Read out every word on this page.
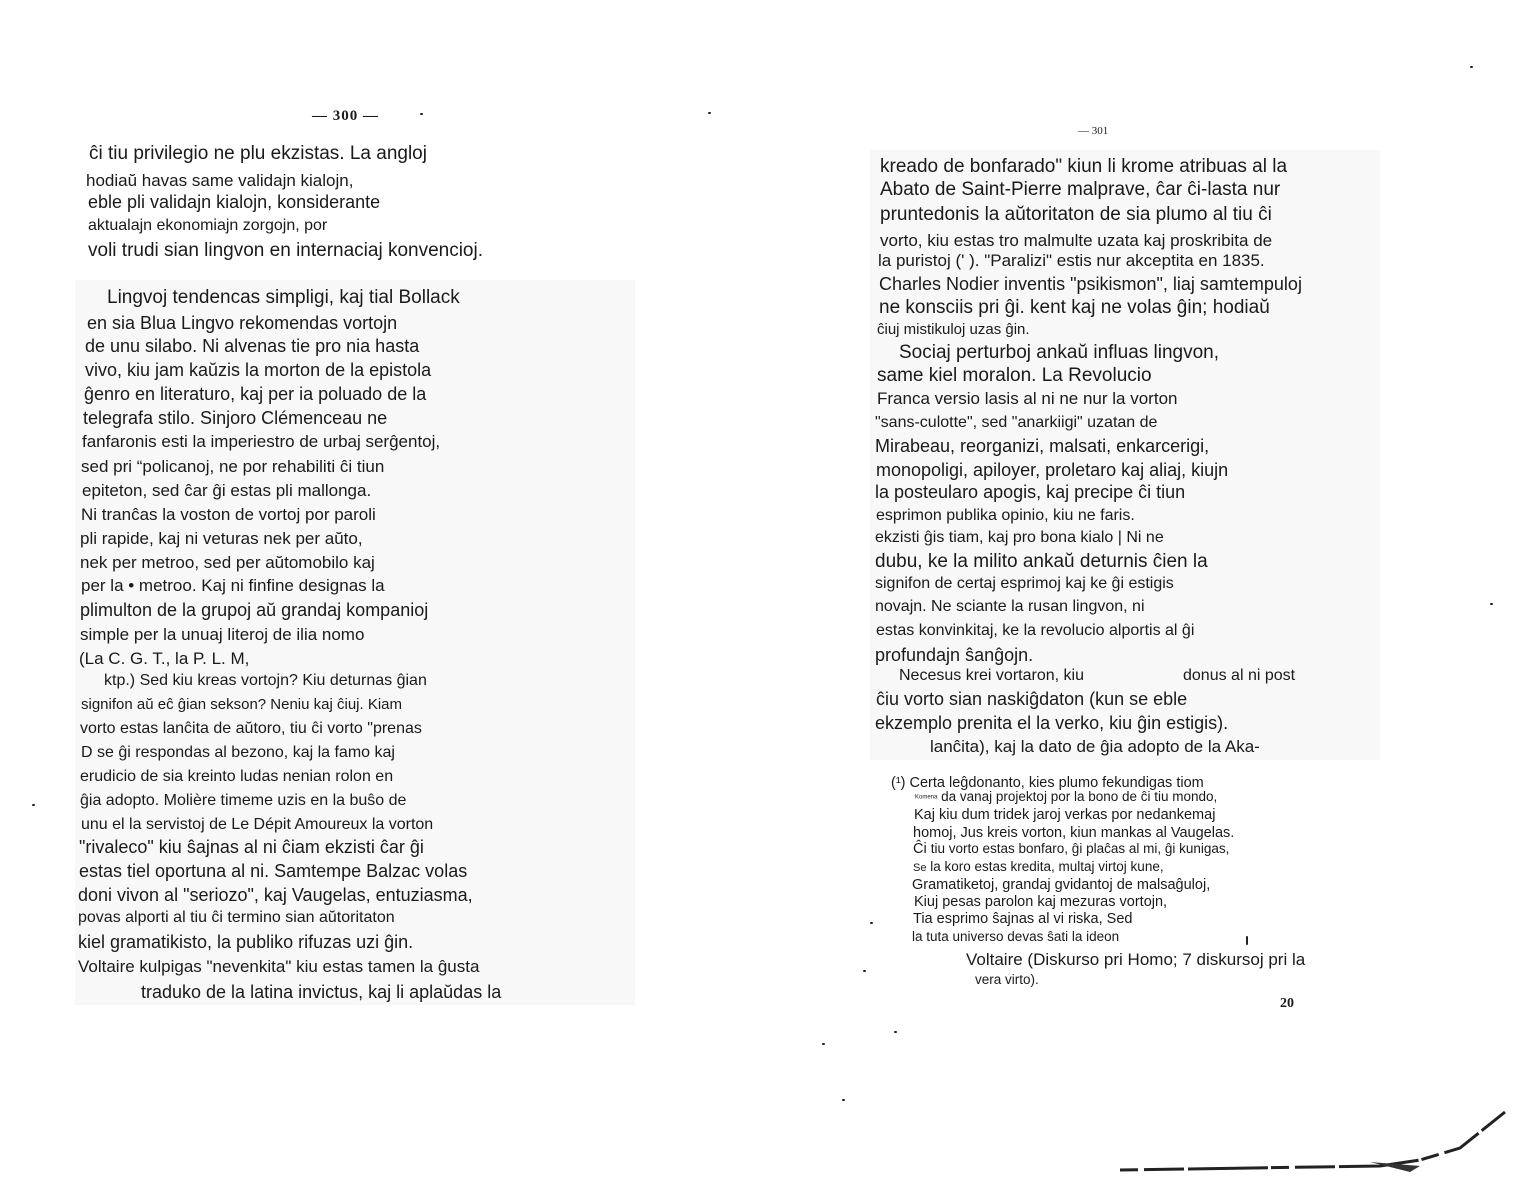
— 300 —
ĉi tiu privilegio ne plu ekzistas. La angloj
hodiaŭ havas same validajn kialojn,
eble pli validajn kialojn, konsiderante
aktualajn ekonomiajn zorgojn, por
voli trudi sian lingvon en internaciaj konvencioj.
Lingvoj tendencas simpligi, kaj tial Bollack
en sia Blua Lingvo rekomendas vortojn
de unu silabo. Ni alvenas tie pro nia hasta
vivo, kiu jam kaŭzis la morton de la epistola
ĝenro en literaturo, kaj per ia poluado de la
telegrafa stilo. Sinjoro Clémenceau ne
fanfaronis esti la imperiestro de urbaj serĝentoj,
sed pri “policanoj, ne por rehabiliti ĉi tiun
epiteton, sed ĉar ĝi estas pli mallonga.
Ni tranĉas la voston de vortoj por paroli
pli rapide, kaj ni veturas nek per aŭto,
nek per metroo, sed per aŭtomobilo kaj
per la • metroo. Kaj ni finfine designas la
plimulton de la grupoj aŭ grandaj kompanioj
simple per la unuaj literoj de ilia nomo
(La C. G. T., la P. L. M,
ktp.) Sed kiu kreas vortojn? Kiu deturnas ĝian
signifon aŭ eĉ ĝian sekson? Neniu kaj ĉiuj. Kiam
vorto estas lanĉita de aŭtoro, tiu ĉi vorto "prenas
D se ĝi respondas al bezono, kaj la famo kaj
erudicio de sia kreinto ludas nenian rolon en
ĝia adopto. Molière timeme uzis en la buŝo de
unu el la servistoj de Le Dépit Amoureux la vorton
"rivaleco" kiu ŝajnas al ni ĉiam ekzisti ĉar ĝi
estas tiel oportuna al ni. Samtempe Balzac volas
doni vivon al "seriozo", kaj Vaugelas, entuziasma,
povas alporti al tiu ĉi termino sian aŭtoritaton
kiel gramatikisto, la publiko rifuzas uzi ĝin.
Voltaire kulpigas "nevenkita" kiu estas tamen la ĝusta
traduko de la latina invictus, kaj li aplaŭdas la
— 301
kreado de bonfarado" kiun li krome atribuas al la
Abato de Saint-Pierre malprave, ĉar ĉi-lasta nur
pruntedonis la aŭtoritaton de sia plumo al tiu ĉi
vorto, kiu estas tro malmulte uzata kaj proskribita de
la puristoj (' ). "Paralizi" estis nur akceptita en 1835.
Charles Nodier inventis "psikismon", liaj samtempuloj
ne konsciis pri ĝi. kent kaj ne volas ĝin; hodiaŭ
ĉiuj mistikuloj uzas ĝin.
Sociaj perturboj ankaŭ influas lingvon,
same kiel moralon. La Revolucio
Franca versio lasis al ni ne nur la vorton
"sans-culotte", sed "anarkiigi" uzatan de
Mirabeau, reorganizi, malsati, enkarcerigi,
monopoligi, apiloyer, proletaro kaj aliaj, kiujn
la posteularo apogis, kaj precipe ĉi tiun
esprimon publika opinio, kiu ne faris.
ekzisti ĝis tiam, kaj pro bona kialo | Ni ne
dubu, ke la milito ankaŭ deturnis ĉien la
signifon de certaj esprimoj kaj ke ĝi estigis
novajn. Ne sciante la rusan lingvon, ni
estas konvinkitaj, ke la revolucio alportis al ĝi
profundajn ŝanĝojn.
Necesus krei vortaron, kiu	donus al ni post
ĉiu vorto sian naskiĝdaton (kun se eble
ekzemplo prenita el la verko, kiu ĝin estigis).
lanĉita), kaj la dato de ĝia adopto de la Aka-
(¹) Certa leĝdonanto, kies plumo fekundigas tiom
Komena da vanaj projektoj por la bono de ĉi tiu mondo,
Kaj kiu dum tridek jaroj verkas por nedankemaj
homoj, Jus kreis vorton, kiun mankas al Vaugelas.
Ĉi tiu vorto estas bonfaro, ĝi plaĉas al mi, ĝi kunigas,
Se la koro estas kredita, multaj virtoj kune,
Gramatiketoj, grandaj gvidantoj de malsaĝuloj,
Kiuj pesas parolon kaj mezuras vortojn,
Tia esprimo ŝajnas al vi riska, Sed
la tuta universo devas ŝati la ideon
Voltaire (Diskurso pri Homo; 7 diskursoj pri la
vera virto).
20
